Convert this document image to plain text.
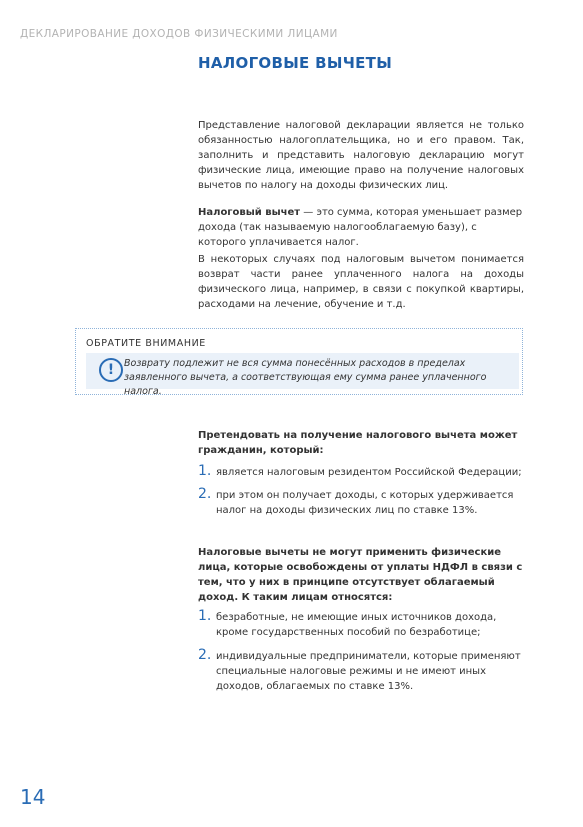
ДЕКЛАРИРОВАНИЕ ДОХОДОВ ФИЗИЧЕСКИМИ ЛИЦАМИ
НАЛОГОВЫЕ ВЫЧЕТЫ
Представление налоговой декларации является не только обязанностью налогоплательщика, но и его правом. Так, заполнить и представить налоговую декларацию могут физические лица, имеющие право на получение налоговых вычетов по налогу на доходы физических лиц.
Налоговый вычет — это сумма, которая уменьшает размер дохода (так называемую налогооблагаемую базу), с которого уплачивается налог.
В некоторых случаях под налоговым вычетом понимается возврат части ранее уплаченного налога на доходы физического лица, например, в связи с покупкой квартиры, расходами на лечение, обучение и т.д.
ОБРАТИТЕ ВНИМАНИЕ
!	Возврату подлежит не вся сумма понесённых расходов в пределах заявленного вычета, а соответствующая ему сумма ранее уплаченного налога.
Претендовать на получение налогового вычета может гражданин, который:
1. является налоговым резидентом Российской Федерации;
2. при этом он получает доходы, с которых удерживается налог на доходы физических лиц по ставке 13%.
Налоговые вычеты не могут применить физические лица, которые освобождены от уплаты НДФЛ в связи с тем, что у них в принципе отсутствует облагаемый доход. К таким лицам относятся:
1. безработные, не имеющие иных источников дохода, кроме государственных пособий по безработице;
2. индивидуальные предприниматели, которые применяют специальные налоговые режимы и не имеют иных доходов, облагаемых по ставке 13%.
14
